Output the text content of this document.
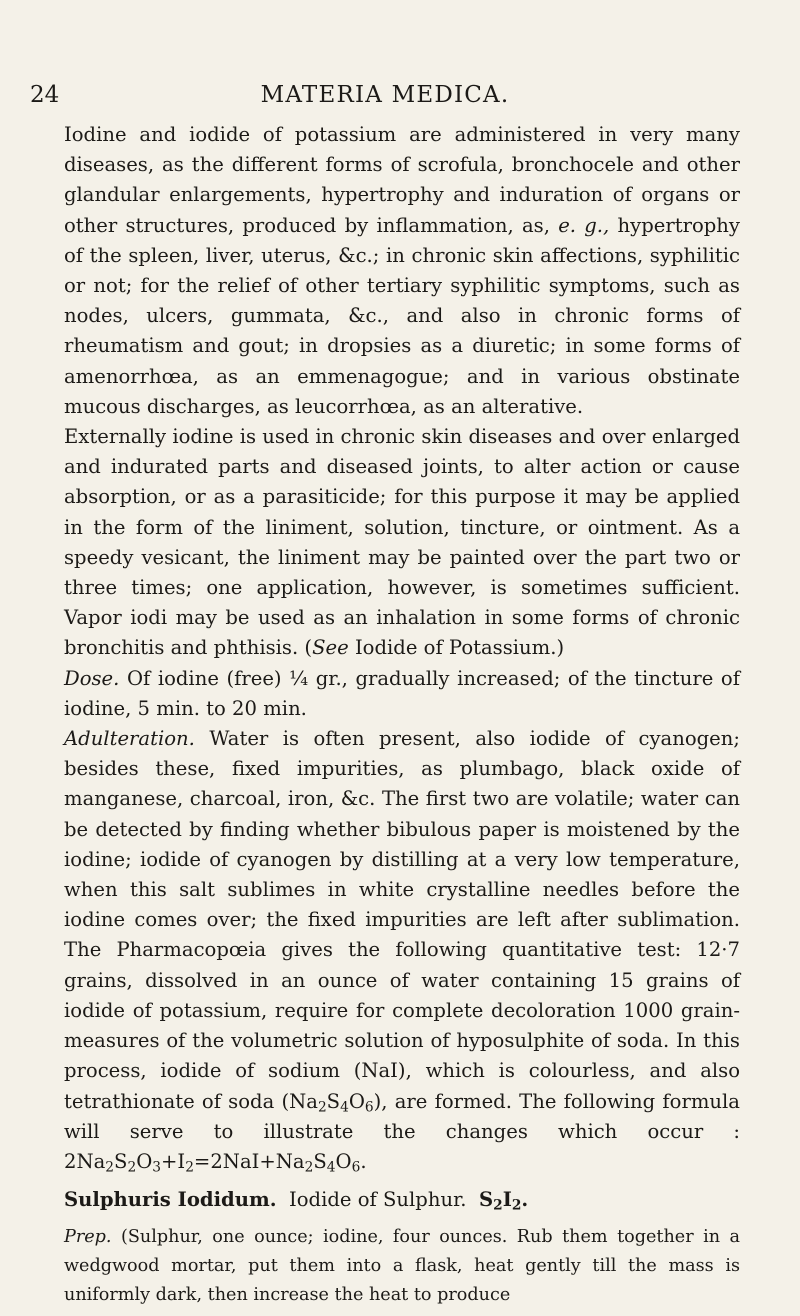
24	MATERIA MEDICA.

Iodine and iodide of potassium are administered in very many diseases, as the different forms of scrofula, bronchocele and other glandular enlargements, hypertrophy and induration of organs or other structures, produced by inflammation, as, e. g., hypertrophy of the spleen, liver, uterus, &c.; in chronic skin affections, syphilitic or not; for the relief of other tertiary syphilitic symptoms, such as nodes, ulcers, gummata, &c., and also in chronic forms of rheumatism and gout; in dropsies as a diuretic; in some forms of amenorrhœa, as an emmenagogue; and in various obstinate mucous discharges, as leucorrhœa, as an alterative.

Externally iodine is used in chronic skin diseases and over enlarged and indurated parts and diseased joints, to alter action or cause absorption, or as a parasiticide; for this purpose it may be applied in the form of the liniment, solution, tincture, or ointment. As a speedy vesicant, the liniment may be painted over the part two or three times; one application, however, is sometimes sufficient. Vapor iodi may be used as an inhalation in some forms of chronic bronchitis and phthisis. (See Iodide of Potassium.)

Dose. Of iodine (free) ¼ gr., gradually increased; of the tincture of iodine, 5 min. to 20 min.

Adulteration. Water is often present, also iodide of cyanogen; besides these, fixed impurities, as plumbago, black oxide of manganese, charcoal, iron, &c. The first two are volatile; water can be detected by finding whether bibulous paper is moistened by the iodine; iodide of cyanogen by distilling at a very low temperature, when this salt sublimes in white crystalline needles before the iodine comes over; the fixed impurities are left after sublimation. The Pharmacopœia gives the following quantitative test: 12·7 grains, dissolved in an ounce of water containing 15 grains of iodide of potassium, require for complete decoloration 1000 grain-measures of the volumetric solution of hyposulphite of soda. In this process, iodide of sodium (NaI), which is colourless, and also tetrathionate of soda $(Na_2S_4O_6)$, are formed. The following formula will serve to illustrate the changes which occur : $2Na_2S_2O_3+I_2=2NaI+Na_2S_4O_6$.

Sulphuris Iodidum. Iodide of Sulphur. $S_2I_2$.

Prep. (Sulphur, one ounce; iodine, four ounces. Rub them together in a wedgwood mortar, put them into a flask, heat gently till the mass is uniformly dark, then increase the heat to produce
